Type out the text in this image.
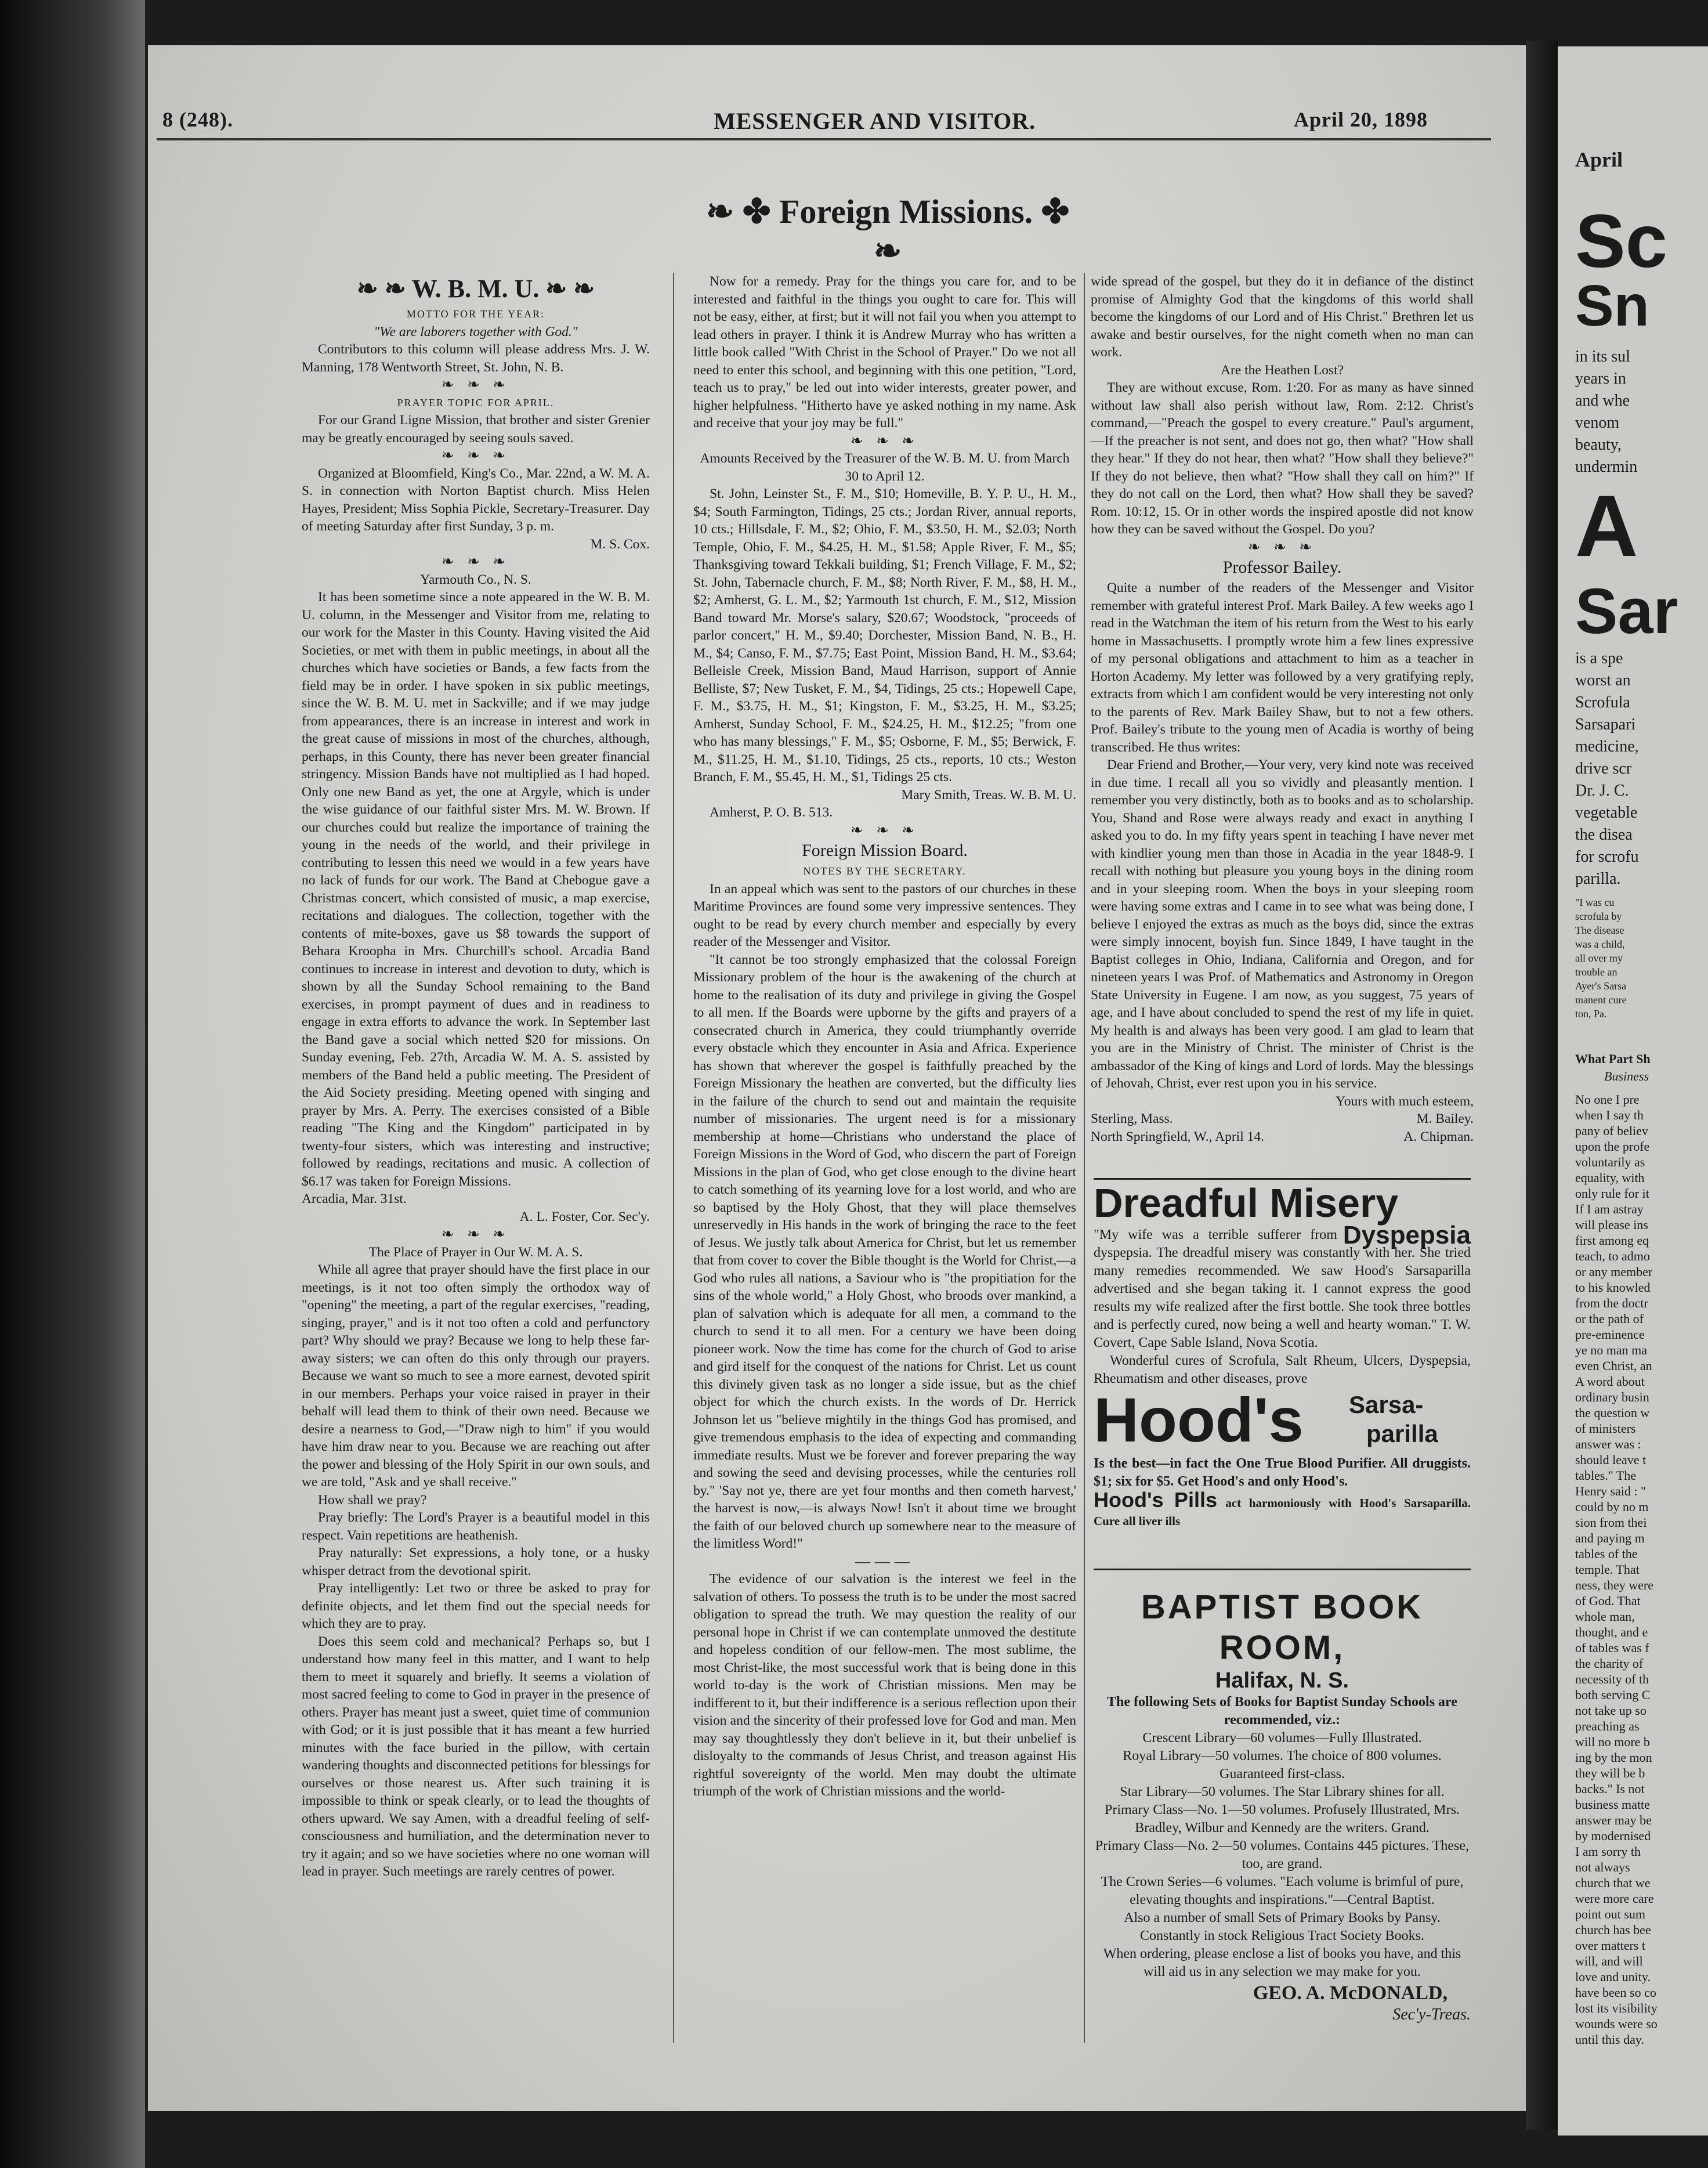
8 (248).	MESSENGER AND VISITOR.	April 20, 1898
❧ ✤ Foreign Missions. ✤ ❧

❧ ❧ W. B. M. U. ❧ ❧

MOTTO FOR THE YEAR:

"We are laborers together with God."

Contributors to this column will please address Mrs. J. W. Manning, 178 Wentworth Street, St. John, N. B.

❧ ❧ ❧

PRAYER TOPIC FOR APRIL.

For our Grand Ligne Mission, that brother and sister Grenier may be greatly encouraged by seeing souls saved.

❧ ❧ ❧

Organized at Bloomfield, King's Co., Mar. 22nd, a W. M. A. S. in connection with Norton Baptist church. Miss Helen Hayes, President; Miss Sophia Pickle, Secretary-Treasurer. Day of meeting Saturday after first Sunday, 3 p. m.

M. S. Cox.

❧ ❧ ❧

Yarmouth Co., N. S.

It has been sometime since a note appeared in the W. B. M. U. column, in the Messenger and Visitor from me, relating to our work for the Master in this County. Having visited the Aid Societies, or met with them in public meetings, in about all the churches which have societies or Bands, a few facts from the field may be in order. I have spoken in six public meetings, since the W. B. M. U. met in Sackville; and if we may judge from appearances, there is an increase in interest and work in the great cause of missions in most of the churches, although, perhaps, in this County, there has never been greater financial stringency. Mission Bands have not multiplied as I had hoped. Only one new Band as yet, the one at Argyle, which is under the wise guidance of our faithful sister Mrs. M. W. Brown. If our churches could but realize the importance of training the young in the needs of the world, and their privilege in contributing to lessen this need we would in a few years have no lack of funds for our work. The Band at Chebogue gave a Christmas concert, which consisted of music, a map exercise, recitations and dialogues. The collection, together with the contents of mite-boxes, gave us $8 towards the support of Behara Kroopha in Mrs. Churchill's school. Arcadia Band continues to increase in interest and devotion to duty, which is shown by all the Sunday School remaining to the Band exercises, in prompt payment of dues and in readiness to engage in extra efforts to advance the work. In September last the Band gave a social which netted $20 for missions. On Sunday evening, Feb. 27th, Arcadia W. M. A. S. assisted by members of the Band held a public meeting. The President of the Aid Society presiding. Meeting opened with singing and prayer by Mrs. A. Perry. The exercises consisted of a Bible reading "The King and the Kingdom" participated in by twenty-four sisters, which was interesting and instructive; followed by readings, recitations and music. A collection of $6.17 was taken for Foreign Missions.

Arcadia, Mar. 31st.

A. L. Foster, Cor. Sec'y.

❧ ❧ ❧

The Place of Prayer in Our W. M. A. S.

While all agree that prayer should have the first place in our meetings, is it not too often simply the orthodox way of "opening" the meeting, a part of the regular exercises, "reading, singing, prayer," and is it not too often a cold and perfunctory part? Why should we pray? Because we long to help these far-away sisters; we can often do this only through our prayers. Because we want so much to see a more earnest, devoted spirit in our members. Perhaps your voice raised in prayer in their behalf will lead them to think of their own need. Because we desire a nearness to God,—"Draw nigh to him" if you would have him draw near to you. Because we are reaching out after the power and blessing of the Holy Spirit in our own souls, and we are told, "Ask and ye shall receive."

How shall we pray?

Pray briefly: The Lord's Prayer is a beautiful model in this respect. Vain repetitions are heathenish.

Pray naturally: Set expressions, a holy tone, or a husky whisper detract from the devotional spirit.

Pray intelligently: Let two or three be asked to pray for definite objects, and let them find out the special needs for which they are to pray.

Does this seem cold and mechanical? Perhaps so, but I understand how many feel in this matter, and I want to help them to meet it squarely and briefly. It seems a violation of most sacred feeling to come to God in prayer in the presence of others. Prayer has meant just a sweet, quiet time of communion with God; or it is just possible that it has meant a few hurried minutes with the face buried in the pillow, with certain wandering thoughts and disconnected petitions for blessings for ourselves or those nearest us. After such training it is impossible to think or speak clearly, or to lead the thoughts of others upward. We say Amen, with a dreadful feeling of self-consciousness and humiliation, and the determination never to try it again; and so we have societies where no one woman will lead in prayer. Such meetings are rarely centres of power.

Now for a remedy. Pray for the things you care for, and to be interested and faithful in the things you ought to care for. This will not be easy, either, at first; but it will not fail you when you attempt to lead others in prayer. I think it is Andrew Murray who has written a little book called "With Christ in the School of Prayer." Do we not all need to enter this school, and beginning with this one petition, "Lord, teach us to pray," be led out into wider interests, greater power, and higher helpfulness. "Hitherto have ye asked nothing in my name. Ask and receive that your joy may be full."

❧ ❧ ❧

Amounts Received by the Treasurer of the W. B. M. U. from March 30 to April 12.

St. John, Leinster St., F. M., $10; Homeville, B. Y. P. U., H. M., $4; South Farmington, Tidings, 25 cts.; Jordan River, annual reports, 10 cts.; Hillsdale, F. M., $2; Ohio, F. M., $3.50, H. M., $2.03; North Temple, Ohio, F. M., $4.25, H. M., $1.58; Apple River, F. M., $5; Thanksgiving toward Tekkali building, $1; French Village, F. M., $2; St. John, Tabernacle church, F. M., $8; North River, F. M., $8, H. M., $2; Amherst, G. L. M., $2; Yarmouth 1st church, F. M., $12, Mission Band toward Mr. Morse's salary, $20.67; Woodstock, "proceeds of parlor concert," H. M., $9.40; Dorchester, Mission Band, N. B., H. M., $4; Canso, F. M., $7.75; East Point, Mission Band, H. M., $3.64; Belleisle Creek, Mission Band, Maud Harrison, support of Annie Belliste, $7; New Tusket, F. M., $4, Tidings, 25 cts.; Hopewell Cape, F. M., $3.75, H. M., $1; Kingston, F. M., $3.25, H. M., $3.25; Amherst, Sunday School, F. M., $24.25, H. M., $12.25; "from one who has many blessings," F. M., $5; Osborne, F. M., $5; Berwick, F. M., $11.25, H. M., $1.10, Tidings, 25 cts., reports, 10 cts.; Weston Branch, F. M., $5.45, H. M., $1, Tidings 25 cts.

Mary Smith, Treas. W. B. M. U.

Amherst, P. O. B. 513.

❧ ❧ ❧

Foreign Mission Board.

NOTES BY THE SECRETARY.

In an appeal which was sent to the pastors of our churches in these Maritime Provinces are found some very impressive sentences. They ought to be read by every church member and especially by every reader of the Messenger and Visitor.

"It cannot be too strongly emphasized that the colossal Foreign Missionary problem of the hour is the awakening of the church at home to the realisation of its duty and privilege in giving the Gospel to all men. If the Boards were upborne by the gifts and prayers of a consecrated church in America, they could triumphantly override every obstacle which they encounter in Asia and Africa. Experience has shown that wherever the gospel is faithfully preached by the Foreign Missionary the heathen are converted, but the difficulty lies in the failure of the church to send out and maintain the requisite number of missionaries. The urgent need is for a missionary membership at home—Christians who understand the place of Foreign Missions in the Word of God, who discern the part of Foreign Missions in the plan of God, who get close enough to the divine heart to catch something of its yearning love for a lost world, and who are so baptised by the Holy Ghost, that they will place themselves unreservedly in His hands in the work of bringing the race to the feet of Jesus. We justly talk about America for Christ, but let us remember that from cover to cover the Bible thought is the World for Christ,—a God who rules all nations, a Saviour who is "the propitiation for the sins of the whole world," a Holy Ghost, who broods over mankind, a plan of salvation which is adequate for all men, a command to the church to send it to all men. For a century we have been doing pioneer work. Now the time has come for the church of God to arise and gird itself for the conquest of the nations for Christ. Let us count this divinely given task as no longer a side issue, but as the chief object for which the church exists. In the words of Dr. Herrick Johnson let us "believe mightily in the things God has promised, and give tremendous emphasis to the idea of expecting and commanding immediate results. Must we be forever and forever preparing the way and sowing the seed and devising processes, while the centuries roll by." 'Say not ye, there are yet four months and then cometh harvest,' the harvest is now,—is always Now! Isn't it about time we brought the faith of our beloved church up somewhere near to the measure of the limitless Word!"

———

The evidence of our salvation is the interest we feel in the salvation of others. To possess the truth is to be under the most sacred obligation to spread the truth. We may question the reality of our personal hope in Christ if we can contemplate unmoved the destitute and hopeless condition of our fellow-men. The most sublime, the most Christ-like, the most successful work that is being done in this world to-day is the work of Christian missions. Men may be indifferent to it, but their indifference is a serious reflection upon their vision and the sincerity of their professed love for God and man. Men may say thoughtlessly they don't believe in it, but their unbelief is disloyalty to the commands of Jesus Christ, and treason against His rightful sovereignty of the world. Men may doubt the ultimate triumph of the work of Christian missions and the world-

wide spread of the gospel, but they do it in defiance of the distinct promise of Almighty God that the kingdoms of this world shall become the kingdoms of our Lord and of His Christ." Brethren let us awake and bestir ourselves, for the night cometh when no man can work.

Are the Heathen Lost?

They are without excuse, Rom. 1:20. For as many as have sinned without law shall also perish without law, Rom. 2:12. Christ's command,—"Preach the gospel to every creature." Paul's argument,—If the preacher is not sent, and does not go, then what? "How shall they hear." If they do not hear, then what? "How shall they believe?" If they do not believe, then what? "How shall they call on him?" If they do not call on the Lord, then what? How shall they be saved? Rom. 10:12, 15. Or in other words the inspired apostle did not know how they can be saved without the Gospel. Do you?

❧ ❧ ❧

Professor Bailey.

Quite a number of the readers of the Messenger and Visitor remember with grateful interest Prof. Mark Bailey. A few weeks ago I read in the Watchman the item of his return from the West to his early home in Massachusetts. I promptly wrote him a few lines expressive of my personal obligations and attachment to him as a teacher in Horton Academy. My letter was followed by a very gratifying reply, extracts from which I am confident would be very interesting not only to the parents of Rev. Mark Bailey Shaw, but to not a few others. Prof. Bailey's tribute to the young men of Acadia is worthy of being transcribed. He thus writes:

Dear Friend and Brother,—Your very, very kind note was received in due time. I recall all you so vividly and pleasantly mention. I remember you very distinctly, both as to books and as to scholarship. You, Shand and Rose were always ready and exact in anything I asked you to do. In my fifty years spent in teaching I have never met with kindlier young men than those in Acadia in the year 1848-9. I recall with nothing but pleasure you young boys in the dining room and in your sleeping room. When the boys in your sleeping room were having some extras and I came in to see what was being done, I believe I enjoyed the extras as much as the boys did, since the extras were simply innocent, boyish fun. Since 1849, I have taught in the Baptist colleges in Ohio, Indiana, California and Oregon, and for nineteen years I was Prof. of Mathematics and Astronomy in Oregon State University in Eugene. I am now, as you suggest, 75 years of age, and I have about concluded to spend the rest of my life in quiet. My health is and always has been very good. I am glad to learn that you are in the Ministry of Christ. The minister of Christ is the ambassador of the King of kings and Lord of lords. May the blessings of Jehovah, Christ, ever rest upon you in his service.

Yours with much esteem,

Sterling, Mass.	M. Bailey.

North Springfield, W., April 14.	A. Chipman.

Dreadful Misery
Dyspepsia
"My wife was a terrible sufferer from dyspepsia. The dreadful misery was constantly with her. She tried many remedies recommended. We saw Hood's Sarsaparilla advertised and she began taking it. I cannot express the good results my wife realized after the first bottle. She took three bottles and is perfectly cured, now being a well and hearty woman." T. W. Covert, Cape Sable Island, Nova Scotia.
Wonderful cures of Scrofula, Salt Rheum, Ulcers, Dyspepsia, Rheumatism and other diseases, prove
Hood's Sarsa-
parilla
Is the best—in fact the One True Blood Purifier. All druggists. $1; six for $5. Get Hood's and only Hood's.
Hood's Pills act harmoniously with Hood's Sarsaparilla. Cure all liver ills
BAPTIST BOOK ROOM,
Halifax, N. S.
The following Sets of Books for Baptist Sunday Schools are recommended, viz.:
Crescent Library—60 volumes—Fully Illustrated.
Royal Library—50 volumes. The choice of 800 volumes. Guaranteed first-class.
Star Library—50 volumes. The Star Library shines for all.
Primary Class—No. 1—50 volumes. Profusely Illustrated, Mrs. Bradley, Wilbur and Kennedy are the writers. Grand.
Primary Class—No. 2—50 volumes. Contains 445 pictures. These, too, are grand.
The Crown Series—6 volumes. "Each volume is brimful of pure, elevating thoughts and inspirations."—Central Baptist.
Also a number of small Sets of Primary Books by Pansy. Constantly in stock Religious Tract Society Books.
When ordering, please enclose a list of books you have, and this will aid us in any selection we may make for you.
GEO. A. McDONALD,
Sec'y-Treas.
April
Sc
Sn
in its sul
years in
and whe
venom
beauty,
undermin
A
Sar
is a spe
worst an
Scrofula
Sarsapari
medicine,
drive scr
Dr. J. C.
vegetable
the disea
for scrofu
parilla.
"I was cu
scrofula by
The disease
was a child,
all over my
trouble an
Ayer's Sarsa
manent cure
ton, Pa.
What Part Sh
Business
No one I pre
when I say th
pany of believ
upon the profe
voluntarily as
equality, with
only rule for it
If I am astray
will please ins
first among eq
teach, to admo
or any member
to his knowled
from the doctr
or the path of
pre-eminence
ye no man ma
even Christ, an
A word about
ordinary busin
the question w
of ministers
answer was :
should leave t
tables." The
Henry said : "
could by no m
sion from thei
and paying m
tables of the
temple. That
ness, they were
of God. That
whole man,
thought, and e
of tables was f
the charity of
necessity of th
both serving C
not take up so
preaching as
will no more b
ing by the mon
they will be b
backs." Is not
business matte
answer may be
by modernised
I am sorry th
not always
church that we
were more care
point out sum
church has bee
over matters t
will, and will
love and unity.
have been so co
lost its visibility
wounds were so
until this day.
